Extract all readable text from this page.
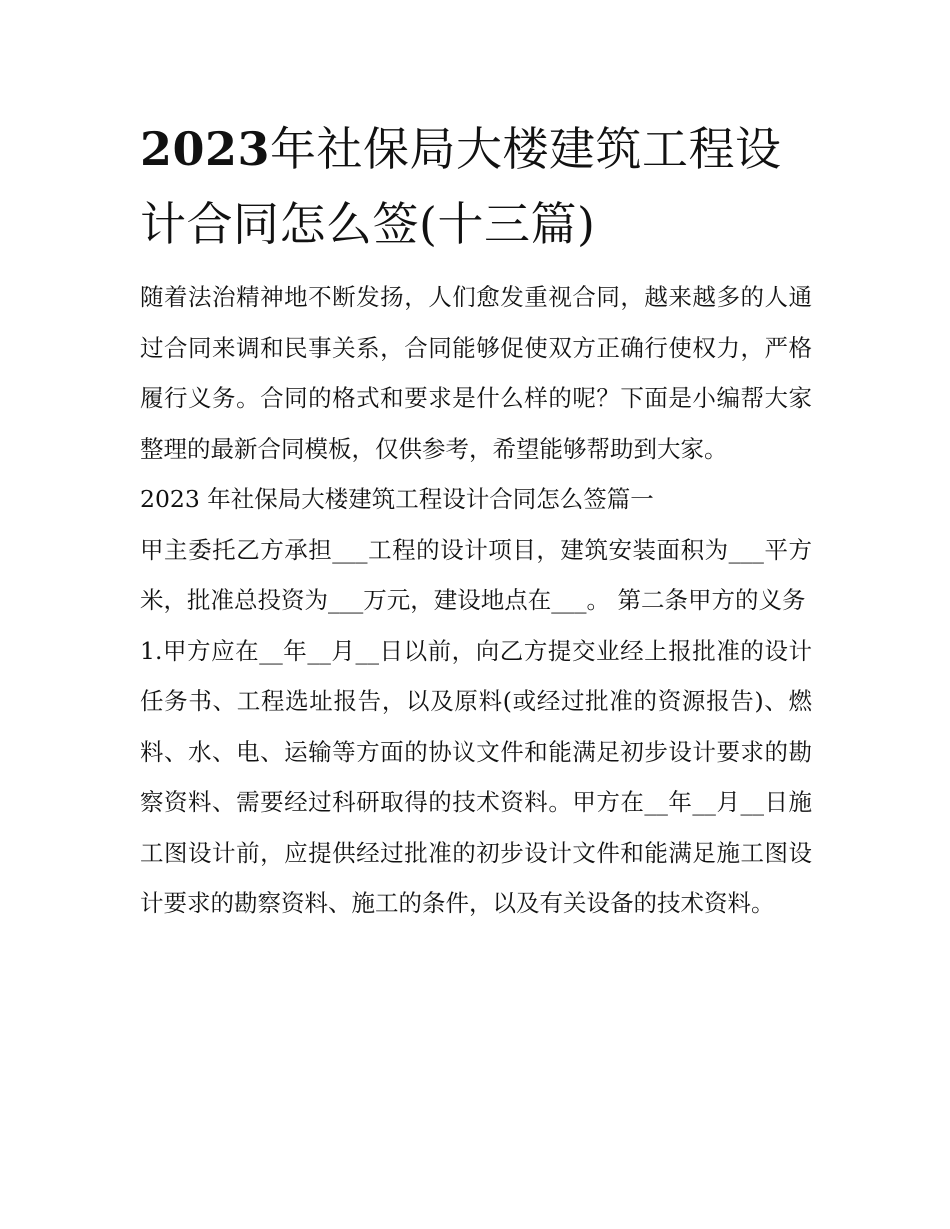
2023年社保局大楼建筑工程设计合同怎么签(十三篇)

随着法治精神地不断发扬，人们愈发重视合同，越来越多的人通过合同来调和民事关系，合同能够促使双方正确行使权力，严格履行义务。合同的格式和要求是什么样的呢？下面是小编帮大家整理的最新合同模板，仅供参考，希望能够帮助到大家。

2023 年社保局大楼建筑工程设计合同怎么签篇一

甲主委托乙方承担___工程的设计项目，建筑安装面积为___平方米，批准总投资为___万元，建设地点在___。 第二条甲方的义务

1.甲方应在__年__月__日以前，向乙方提交业经上报批准的设计任务书、工程选址报告，以及原料(或经过批准的资源报告)、燃料、水、电、运输等方面的协议文件和能满足初步设计要求的勘察资料、需要经过科研取得的技术资料。甲方在__年__月__日施工图设计前，应提供经过批准的初步设计文件和能满足施工图设计要求的勘察资料、施工的条件，以及有关设备的技术资料。
